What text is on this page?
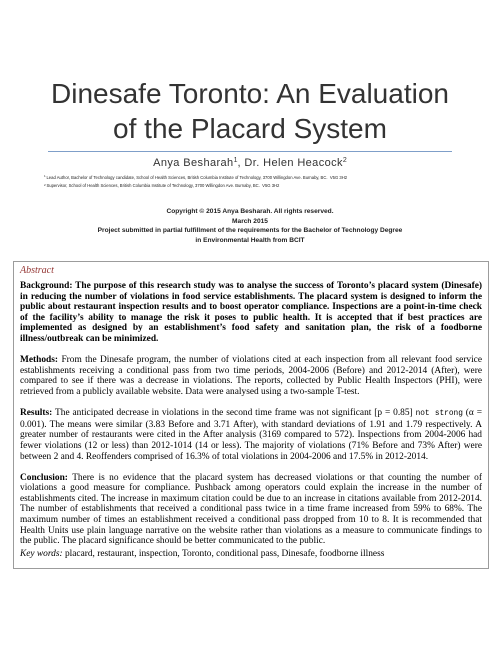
Dinesafe Toronto: An Evaluation
of the Placard System
Anya Besharah$^1$, Dr. Helen Heacock$^2$
$^1$Lead Author, Bachelor of Technology candidate, School of Health Sciences, British Columbia Institute of Technology, 3700 Willingdon Ave. Burnaby, BC.  V5G 3H2
$^2$Supervisor, School of Health Sciences, British Columbia Institute of Technology, 3700 Willingdon Ave. Burnaby, BC.  V5G 3H2
Copyright © 2015 Anya Besharah. All rights reserved.
March 2015
Project submitted in partial fulfillment of the requirements for the Bachelor of Technology Degree
in Environmental Health from BCIT
Abstract

Background: The purpose of this research study was to analyse the success of Toronto’s placard system (Dinesafe) in reducing the number of violations in food service establishments. The placard system is designed to inform the public about restaurant inspection results and to boost operator compliance. Inspections are a point-in-time check of the facility’s ability to manage the risk it poses to public health. It is accepted that if best practices are implemented as designed by an establishment’s food safety and sanitation plan, the risk of a foodborne illness/outbreak can be minimized.

Methods: From the Dinesafe program, the number of violations cited at each inspection from all relevant food service establishments receiving a conditional pass from two time periods, 2004-2006 (Before) and 2012-2014 (After), were compared to see if there was a decrease in violations. The reports, collected by Public Health Inspectors (PHI), were retrieved from a publicly available website. Data were analysed using a two-sample T-test.

Results: The anticipated decrease in violations in the second time frame was not significant [p = 0.85] not strong (α = 0.001). The means were similar (3.83 Before and 3.71 After), with standard deviations of 1.91 and 1.79 respectively. A greater number of restaurants were cited in the After analysis (3169 compared to 572). Inspections from 2004-2006 had fewer violations (12 or less) than 2012-1014 (14 or less). The majority of violations (71% Before and 73% After) were between 2 and 4. Reoffenders comprised of 16.3% of total violations in 2004-2006 and 17.5% in 2012-2014.

Conclusion: There is no evidence that the placard system has decreased violations or that counting the number of violations a good measure for compliance. Pushback among operators could explain the increase in the number of establishments cited. The increase in maximum citation could be due to an increase in citations available from 2012-2014. The number of establishments that received a conditional pass twice in a time frame increased from 59% to 68%. The maximum number of times an establishment received a conditional pass dropped from 10 to 8. It is recommended that Health Units use plain language narrative on the website rather than violations as a measure to communicate findings to the public. The placard significance should be better communicated to the public.

Key words: placard, restaurant, inspection, Toronto, conditional pass, Dinesafe, foodborne illness
